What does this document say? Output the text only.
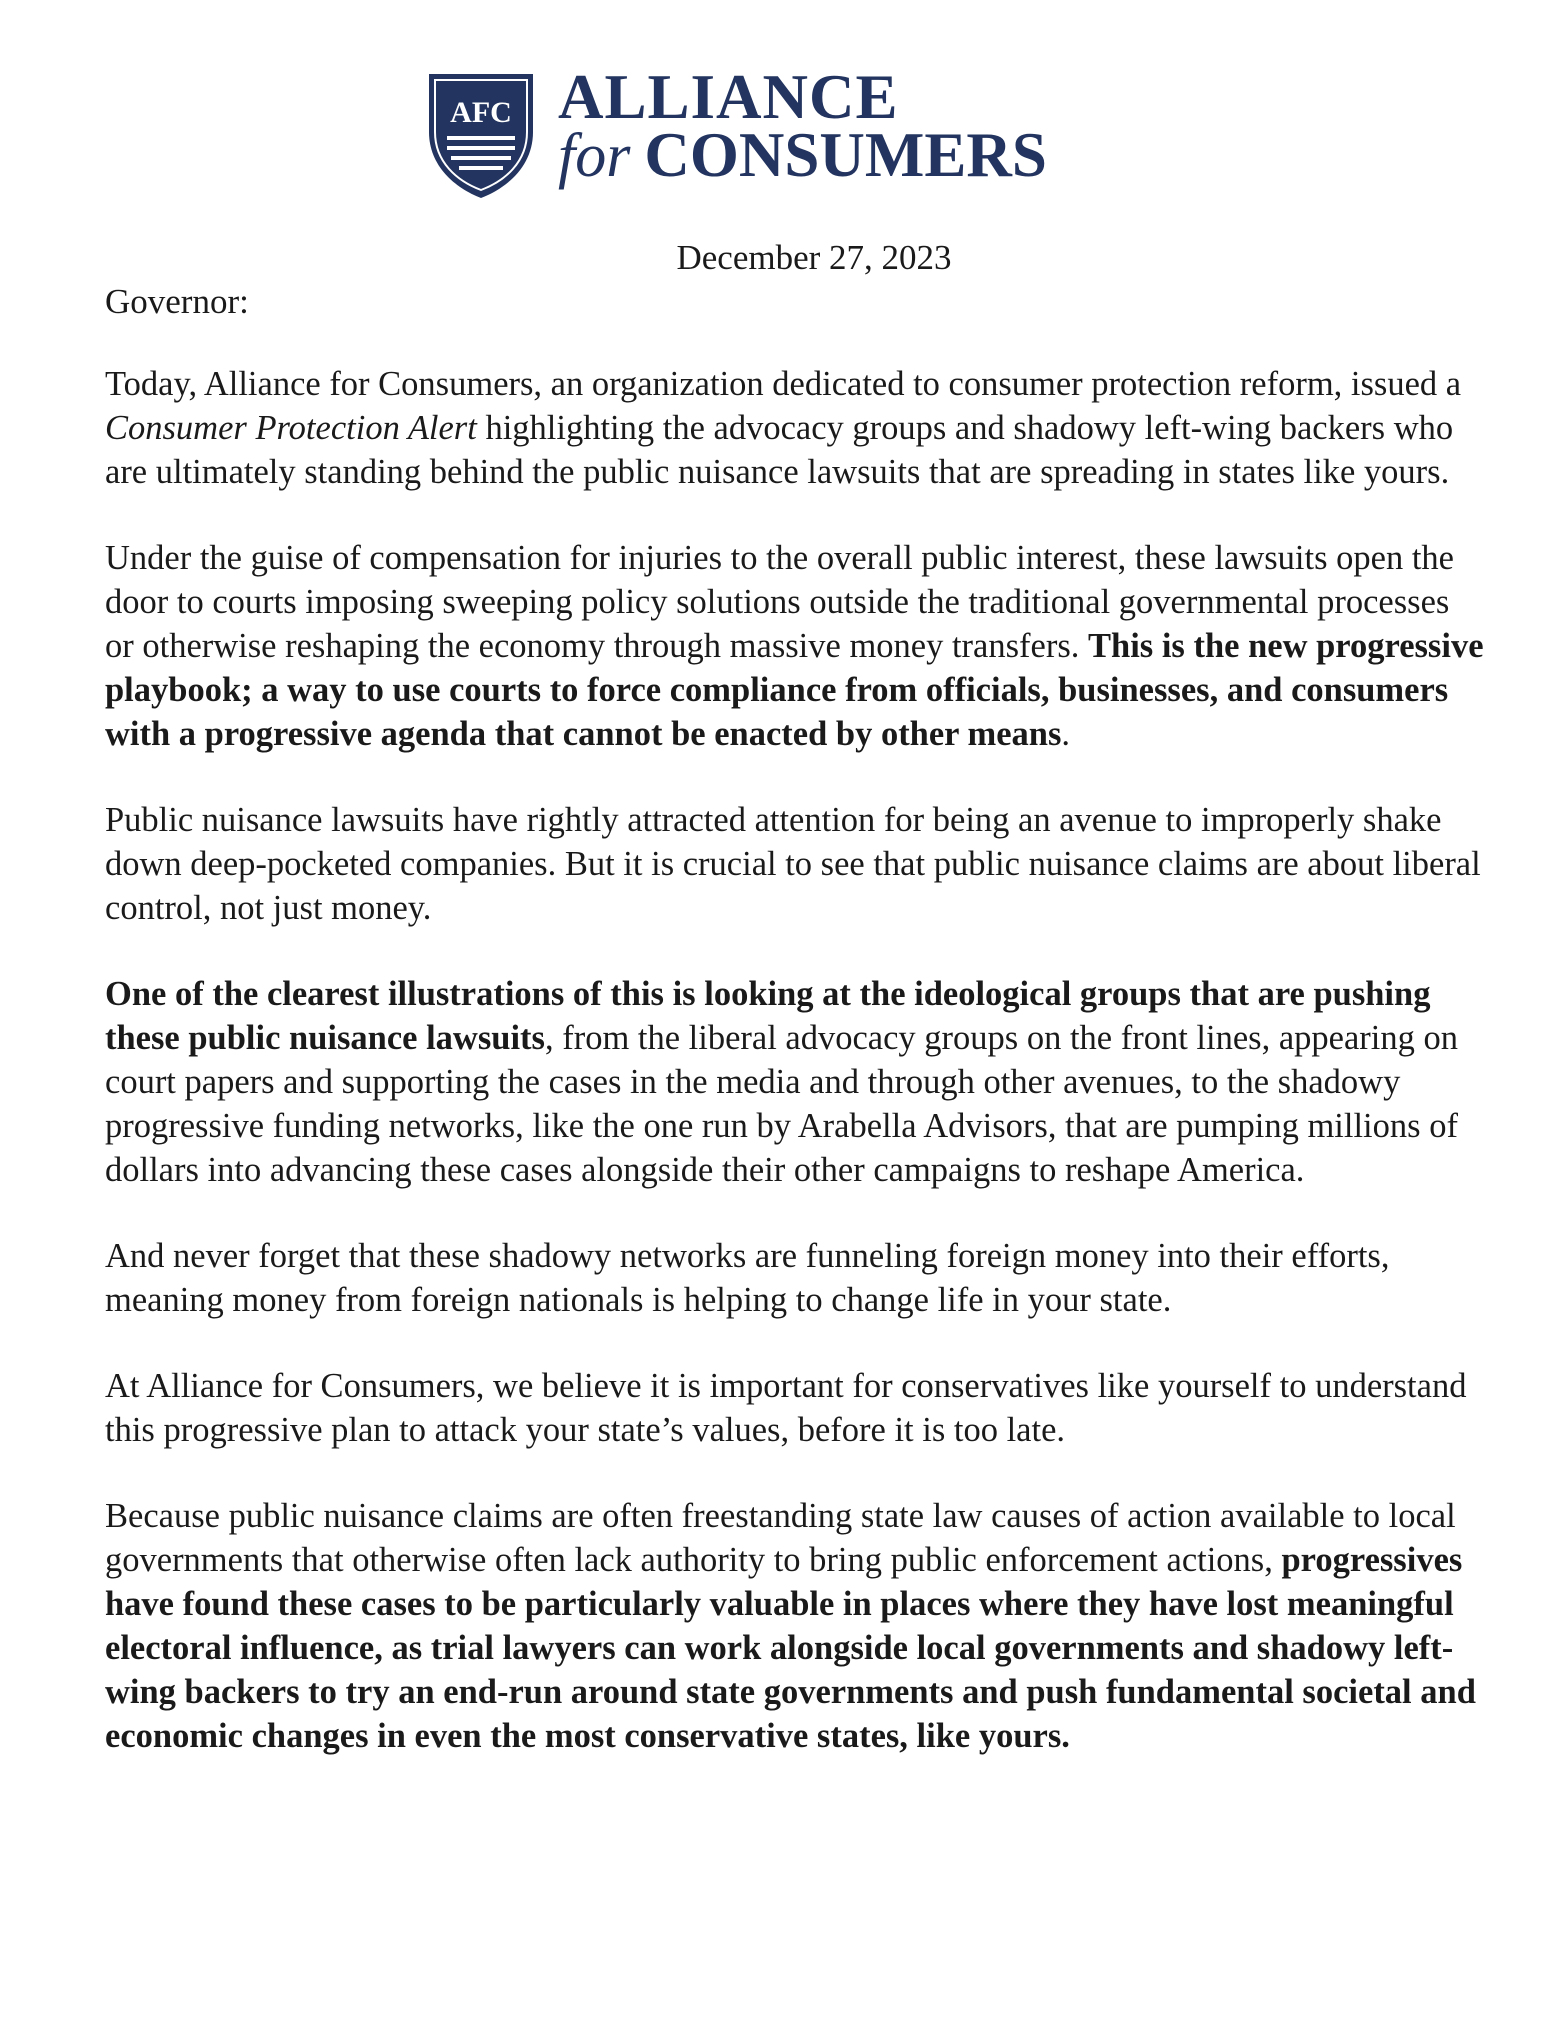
AFC ALLIANCE
for CONSUMERS
December 27, 2023
Governor:

Today, Alliance for Consumers, an organization dedicated to consumer protection reform, issued a Consumer Protection Alert highlighting the advocacy groups and shadowy left-wing backers who are ultimately standing behind the public nuisance lawsuits that are spreading in states like yours.

Under the guise of compensation for injuries to the overall public interest, these lawsuits open the door to courts imposing sweeping policy solutions outside the traditional governmental processes or otherwise reshaping the economy through massive money transfers. This is the new progressive playbook; a way to use courts to force compliance from officials, businesses, and consumers with a progressive agenda that cannot be enacted by other means.

Public nuisance lawsuits have rightly attracted attention for being an avenue to improperly shake down deep-pocketed companies. But it is crucial to see that public nuisance claims are about liberal control, not just money.

One of the clearest illustrations of this is looking at the ideological groups that are pushing these public nuisance lawsuits, from the liberal advocacy groups on the front lines, appearing on court papers and supporting the cases in the media and through other avenues, to the shadowy progressive funding networks, like the one run by Arabella Advisors, that are pumping millions of dollars into advancing these cases alongside their other campaigns to reshape America.

And never forget that these shadowy networks are funneling foreign money into their efforts, meaning money from foreign nationals is helping to change life in your state.

At Alliance for Consumers, we believe it is important for conservatives like yourself to understand this progressive plan to attack your state’s values, before it is too late.

Because public nuisance claims are often freestanding state law causes of action available to local governments that otherwise often lack authority to bring public enforcement actions, progressives have found these cases to be particularly valuable in places where they have lost meaningful electoral influence, as trial lawyers can work alongside local governments and shadowy left-wing backers to try an end-run around state governments and push fundamental societal and economic changes in even the most conservative states, like yours.
